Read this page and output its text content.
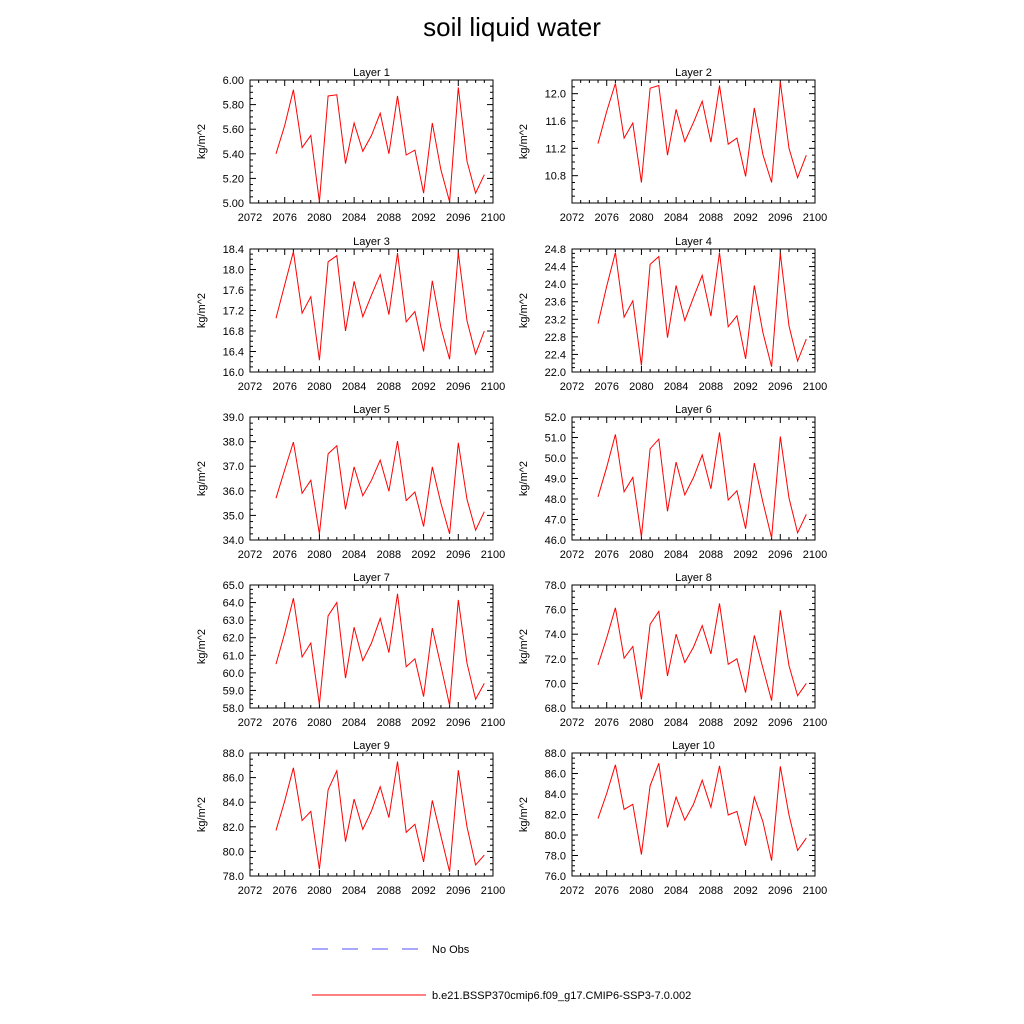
soil liquid water
Layer 1
kg/m^2
2072 2076 2080 2084 2088 2092 2096 2100
5.00
5.20
5.40
5.60
5.80
6.00
Layer 2
kg/m^2
2072 2076 2080 2084 2088 2092 2096 2100
10.8
11.2
11.6
12.0
Layer 3
kg/m^2
2072 2076 2080 2084 2088 2092 2096 2100
16.0
16.4
16.8
17.2
17.6
18.0
18.4
Layer 4
kg/m^2
2072 2076 2080 2084 2088 2092 2096 2100
22.0
22.4
22.8
23.2
23.6
24.0
24.4
24.8
Layer 5
kg/m^2
2072 2076 2080 2084 2088 2092 2096 2100
34.0
35.0
36.0
37.0
38.0
39.0
Layer 6
kg/m^2
2072 2076 2080 2084 2088 2092 2096 2100
46.0
47.0
48.0
49.0
50.0
51.0
52.0
Layer 7
kg/m^2
2072 2076 2080 2084 2088 2092 2096 2100
58.0
59.0
60.0
61.0
62.0
63.0
64.0
65.0
Layer 8
kg/m^2
2072 2076 2080 2084 2088 2092 2096 2100
68.0
70.0
72.0
74.0
76.0
78.0
Layer 9
kg/m^2
2072 2076 2080 2084 2088 2092 2096 2100
78.0
80.0
82.0
84.0
86.0
88.0
Layer 10
kg/m^2
2072 2076 2080 2084 2088 2092 2096 2100
76.0
78.0
80.0
82.0
84.0
86.0
88.0
No Obs
b.e21.BSSP370cmip6.f09_g17.CMIP6-SSP3-7.0.002
